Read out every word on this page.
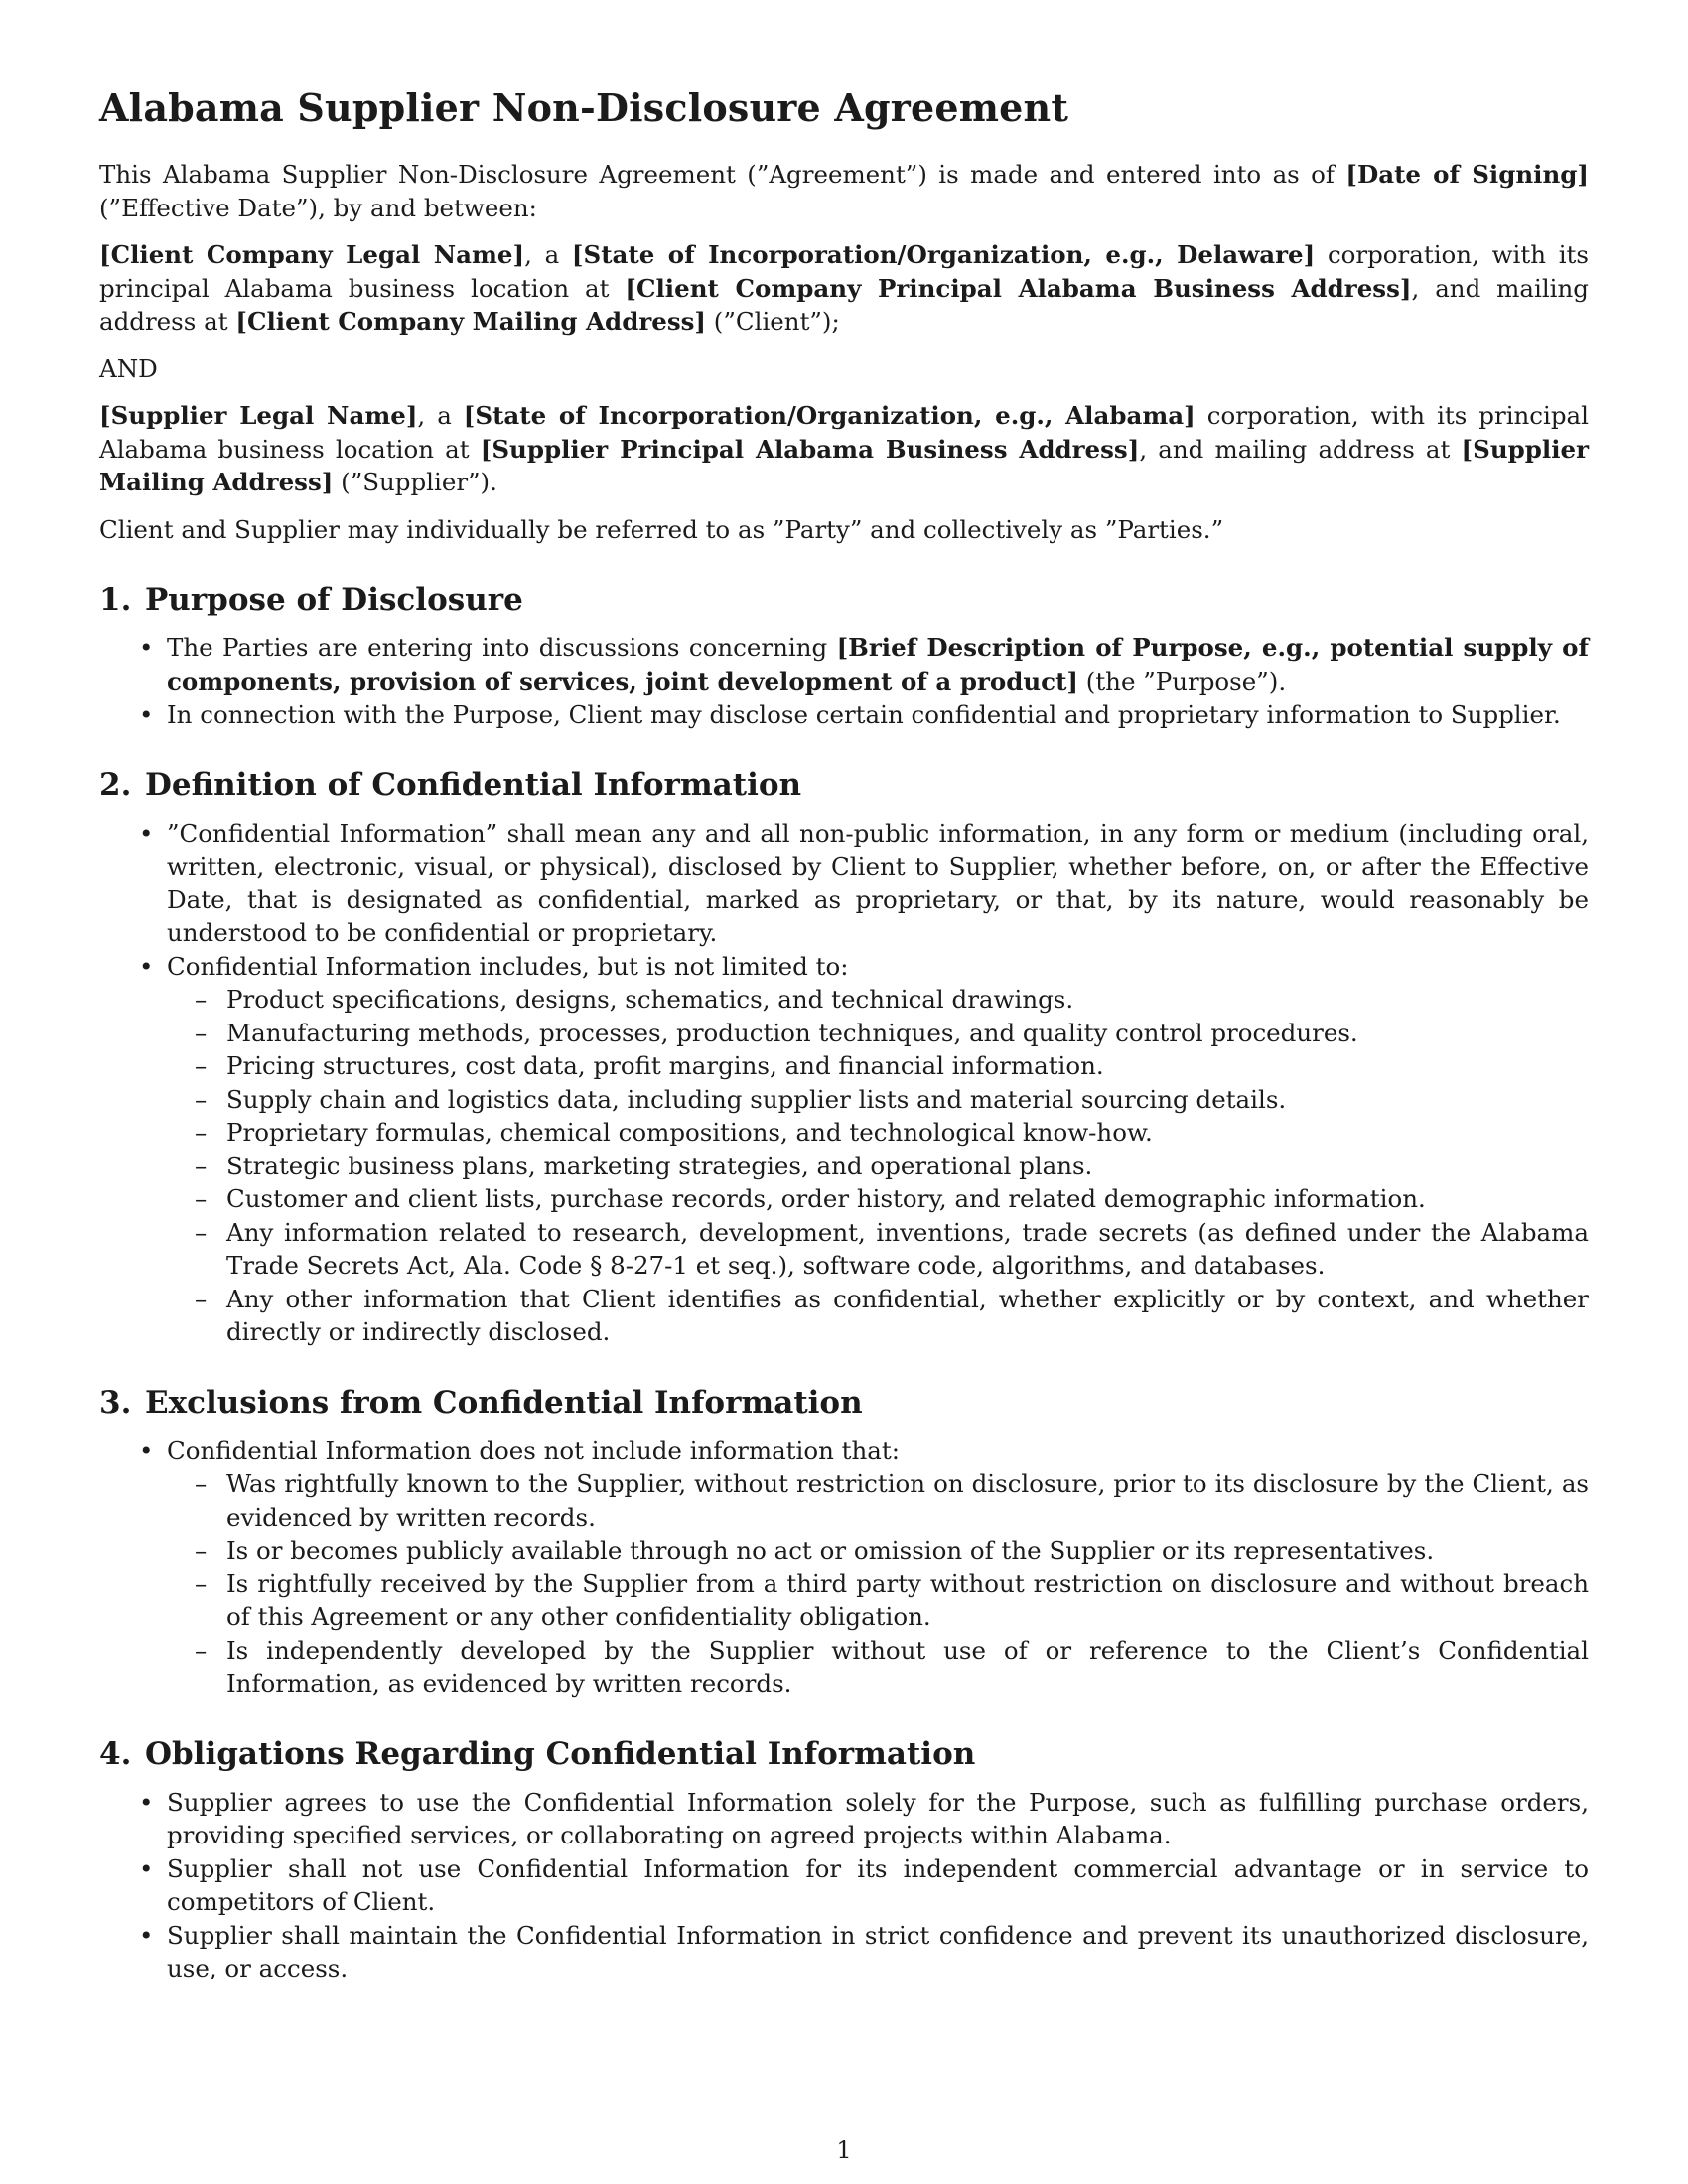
Alabama Supplier Non-Disclosure Agreement

This Alabama Supplier Non-Disclosure Agreement (”Agreement”) is made and entered into as of [Date of Signing] (”Effective Date”), by and between:

[Client Company Legal Name], a [State of Incorporation/Organization, e.g., Delaware] corporation, with its principal Alabama business location at [Client Company Principal Alabama Business Address], and mailing address at [Client Company Mailing Address] (”Client”);

AND

[Supplier Legal Name], a [State of Incorporation/Organization, e.g., Alabama] corporation, with its principal Alabama business location at [Supplier Principal Alabama Business Address], and mailing address at [Supplier Mailing Address] (”Supplier”).

Client and Supplier may individually be referred to as ”Party” and collectively as ”Parties.”

1. Purpose of Disclosure
• The Parties are entering into discussions concerning [Brief Description of Purpose, e.g., potential supply of components, provision of services, joint development of a product] (the ”Purpose”).
• In connection with the Purpose, Client may disclose certain confidential and proprietary information to Supplier.
2. Definition of Confidential Information
• ”Confidential Information” shall mean any and all non-public information, in any form or medium (including oral, written, electronic, visual, or physical), disclosed by Client to Supplier, whether before, on, or after the Effective Date, that is designated as confidential, marked as proprietary, or that, by its nature, would reasonably be understood to be confidential or proprietary.
• Confidential Information includes, but is not limited to:
– Product specifications, designs, schematics, and technical drawings.
– Manufacturing methods, processes, production techniques, and quality control procedures.
– Pricing structures, cost data, profit margins, and financial information.
– Supply chain and logistics data, including supplier lists and material sourcing details.
– Proprietary formulas, chemical compositions, and technological know-how.
– Strategic business plans, marketing strategies, and operational plans.
– Customer and client lists, purchase records, order history, and related demographic information.
– Any information related to research, development, inventions, trade secrets (as defined under the Alabama Trade Secrets Act, Ala. Code § 8-27-1 et seq.), software code, algorithms, and databases.
– Any other information that Client identifies as confidential, whether explicitly or by context, and whether directly or indirectly disclosed.
3. Exclusions from Confidential Information
• Confidential Information does not include information that:
– Was rightfully known to the Supplier, without restriction on disclosure, prior to its disclosure by the Client, as evidenced by written records.
– Is or becomes publicly available through no act or omission of the Supplier or its representatives.
– Is rightfully received by the Supplier from a third party without restriction on disclosure and without breach of this Agreement or any other confidentiality obligation.
– Is independently developed by the Supplier without use of or reference to the Client’s Confidential Information, as evidenced by written records.
4. Obligations Regarding Confidential Information
• Supplier agrees to use the Confidential Information solely for the Purpose, such as fulfilling purchase orders, providing specified services, or collaborating on agreed projects within Alabama.
• Supplier shall not use Confidential Information for its independent commercial advantage or in service to competitors of Client.
• Supplier shall maintain the Confidential Information in strict confidence and prevent its unauthorized disclosure, use, or access.
1
